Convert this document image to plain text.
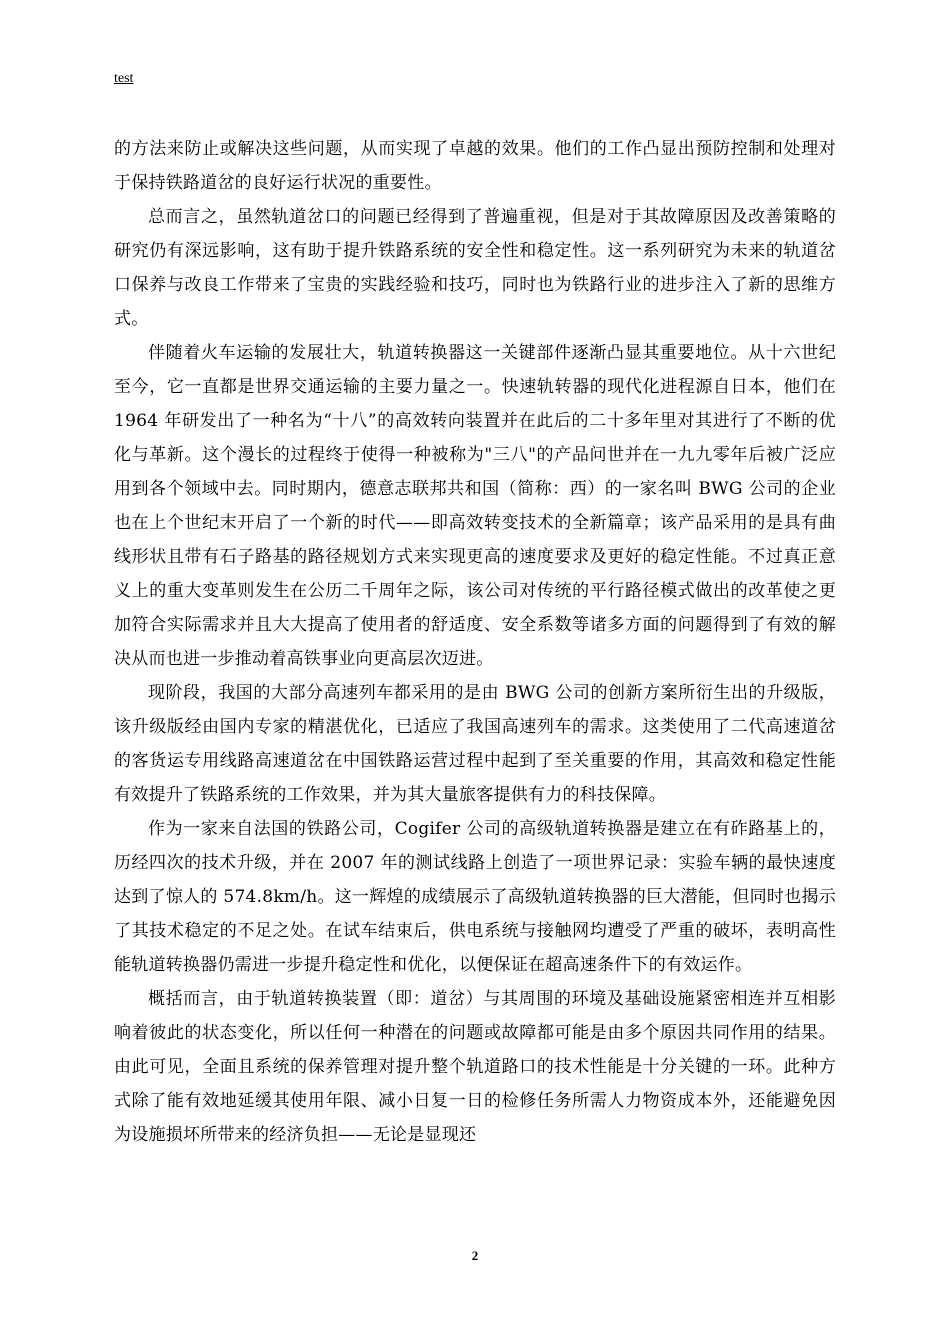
test

的方法来防止或解决这些问题，从而实现了卓越的效果。他们的工作凸显出预防控制和处理对于保持铁路道岔的良好运行状况的重要性。

总而言之，虽然轨道岔口的问题已经得到了普遍重视，但是对于其故障原因及改善策略的研究仍有深远影响，这有助于提升铁路系统的安全性和稳定性。这一系列研究为未来的轨道岔口保养与改良工作带来了宝贵的实践经验和技巧，同时也为铁路行业的进步注入了新的思维方式。

伴随着火车运输的发展壮大，轨道转换器这一关键部件逐渐凸显其重要地位。从十六世纪至今，它一直都是世界交通运输的主要力量之一。快速轨转器的现代化进程源自日本，他们在 1964 年研发出了一种名为“十八”的高效转向装置并在此后的二十多年里对其进行了不断的优化与革新。这个漫长的过程终于使得一种被称为"三八"的产品问世并在一九九零年后被广泛应用到各个领域中去。同时期内，德意志联邦共和国（简称：西）的一家名叫 BWG 公司的企业也在上个世纪末开启了一个新的时代——即高效转变技术的全新篇章；该产品采用的是具有曲线形状且带有石子路基的路径规划方式来实现更高的速度要求及更好的稳定性能。不过真正意义上的重大变革则发生在公历二千周年之际，该公司对传统的平行路径模式做出的改革使之更加符合实际需求并且大大提高了使用者的舒适度、安全系数等诸多方面的问题得到了有效的解决从而也进一步推动着高铁事业向更高层次迈进。

现阶段，我国的大部分高速列车都采用的是由 BWG 公司的创新方案所衍生出的升级版，该升级版经由国内专家的精湛优化，已适应了我国高速列车的需求。这类使用了二代高速道岔的客货运专用线路高速道岔在中国铁路运营过程中起到了至关重要的作用，其高效和稳定性能有效提升了铁路系统的工作效果，并为其大量旅客提供有力的科技保障。

作为一家来自法国的铁路公司，Cogifer 公司的高级轨道转换器是建立在有砟路基上的，历经四次的技术升级，并在 2007 年的测试线路上创造了一项世界记录：实验车辆的最快速度达到了惊人的 574.8km/h。这一辉煌的成绩展示了高级轨道转换器的巨大潜能，但同时也揭示了其技术稳定的不足之处。在试车结束后，供电系统与接触网均遭受了严重的破坏，表明高性能轨道转换器仍需进一步提升稳定性和优化，以便保证在超高速条件下的有效运作。

概括而言，由于轨道转换装置（即：道岔）与其周围的环境及基础设施紧密相连并互相影响着彼此的状态变化，所以任何一种潜在的问题或故障都可能是由多个原因共同作用的结果。由此可见，全面且系统的保养管理对提升整个轨道路口的技术性能是十分关键的一环。此种方式除了能有效地延缓其使用年限、减小日复一日的检修任务所需人力物资成本外，还能避免因为设施损坏所带来的经济负担——无论是显现还

2
